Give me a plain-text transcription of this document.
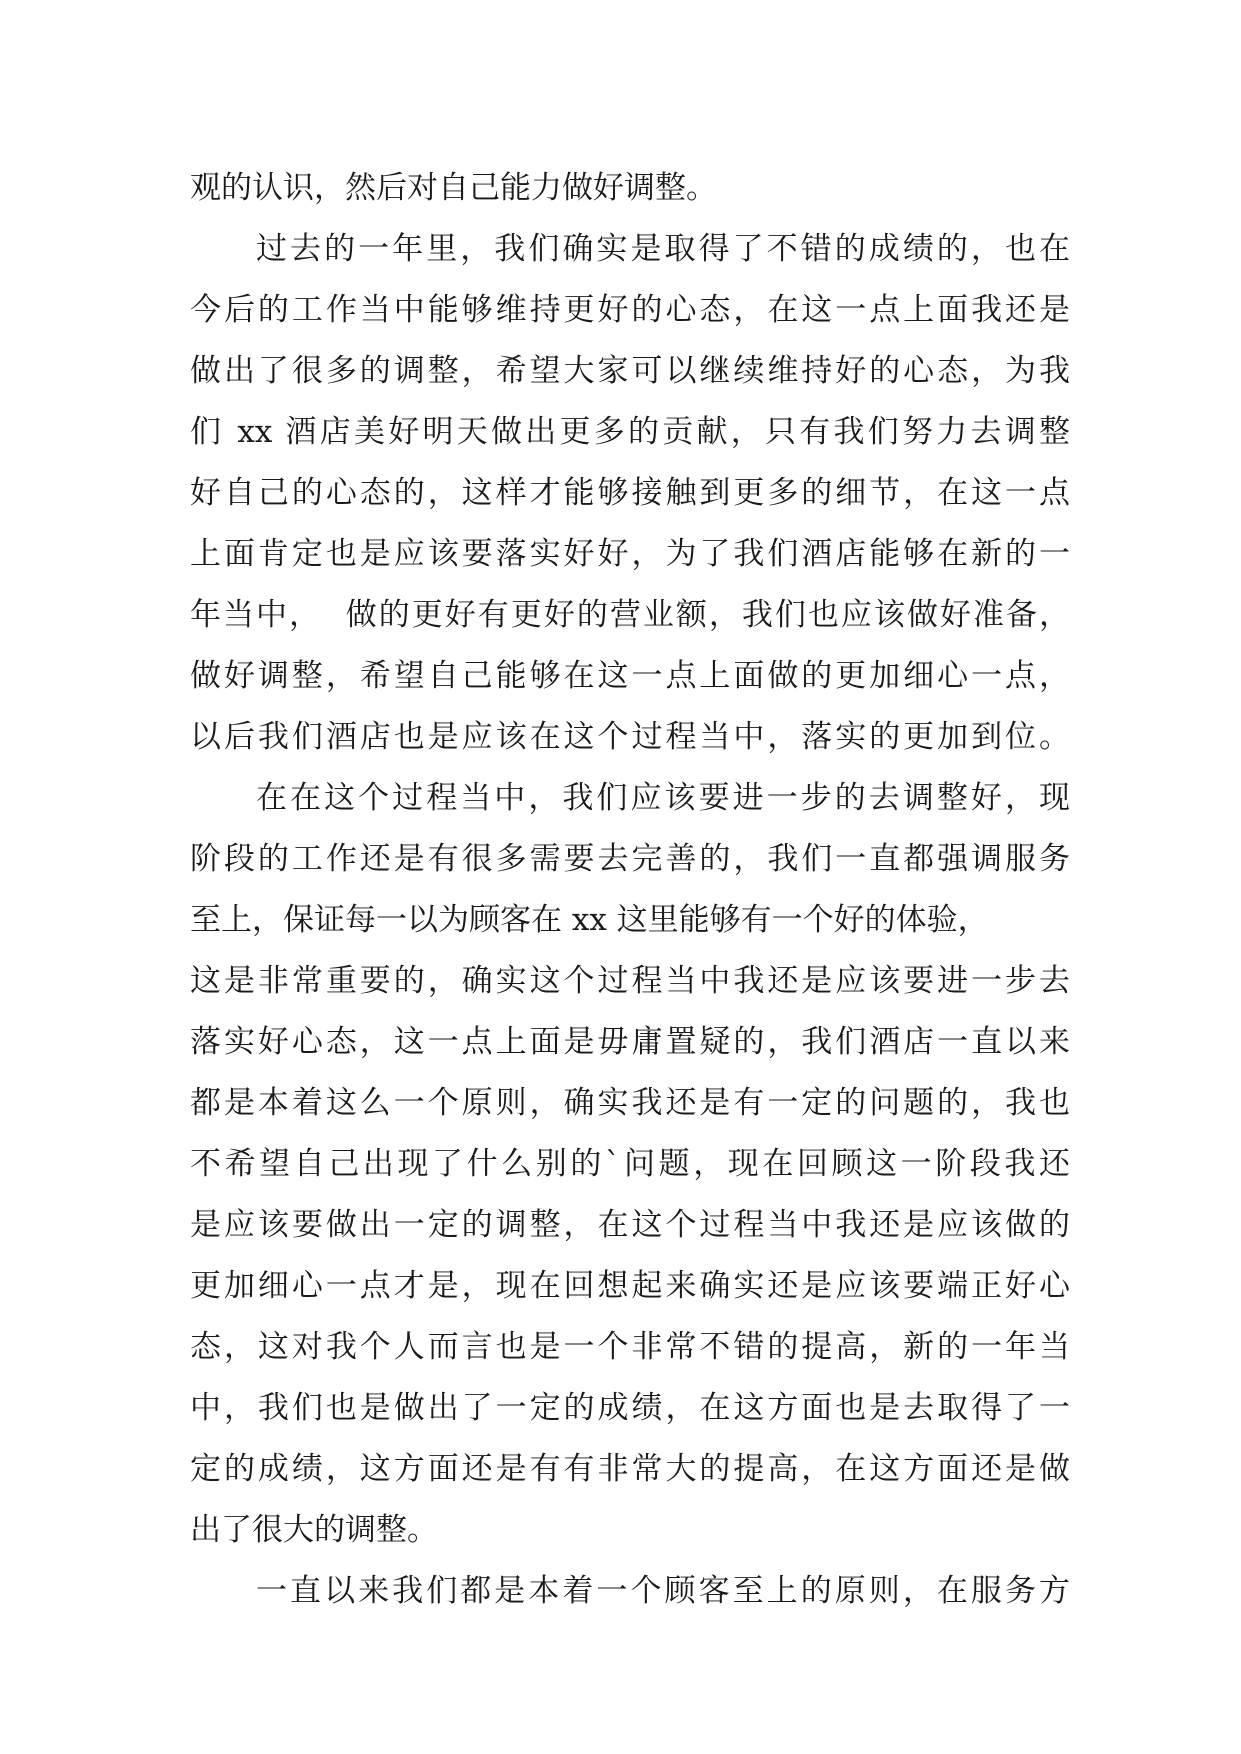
观的认识，然后对自己能力做好调整。
过去的一年里，我们确实是取得了不错的成绩的，也在
今后的工作当中能够维持更好的心态，在这一点上面我还是
做出了很多的调整，希望大家可以继续维持好的心态，为我
们 xx 酒店美好明天做出更多的贡献，只有我们努力去调整
好自己的心态的，这样才能够接触到更多的细节，在这一点
上面肯定也是应该要落实好好，为了我们酒店能够在新的一
年当中，  做的更好有更好的营业额，我们也应该做好准备，
做好调整，希望自己能够在这一点上面做的更加细心一点，
以后我们酒店也是应该在这个过程当中，落实的更加到位。
在在这个过程当中，我们应该要进一步的去调整好，现
阶段的工作还是有很多需要去完善的，我们一直都强调服务
至上，保证每一以为顾客在 xx 这里能够有一个好的体验，
这是非常重要的，确实这个过程当中我还是应该要进一步去
落实好心态，这一点上面是毋庸置疑的，我们酒店一直以来
都是本着这么一个原则，确实我还是有一定的问题的，我也
不希望自己出现了什么别的`问题，现在回顾这一阶段我还
是应该要做出一定的调整，在这个过程当中我还是应该做的
更加细心一点才是，现在回想起来确实还是应该要端正好心
态，这对我个人而言也是一个非常不错的提高，新的一年当
中，我们也是做出了一定的成绩，在这方面也是去取得了一
定的成绩，这方面还是有有非常大的提高，在这方面还是做
出了很大的调整。
一直以来我们都是本着一个顾客至上的原则，在服务方
